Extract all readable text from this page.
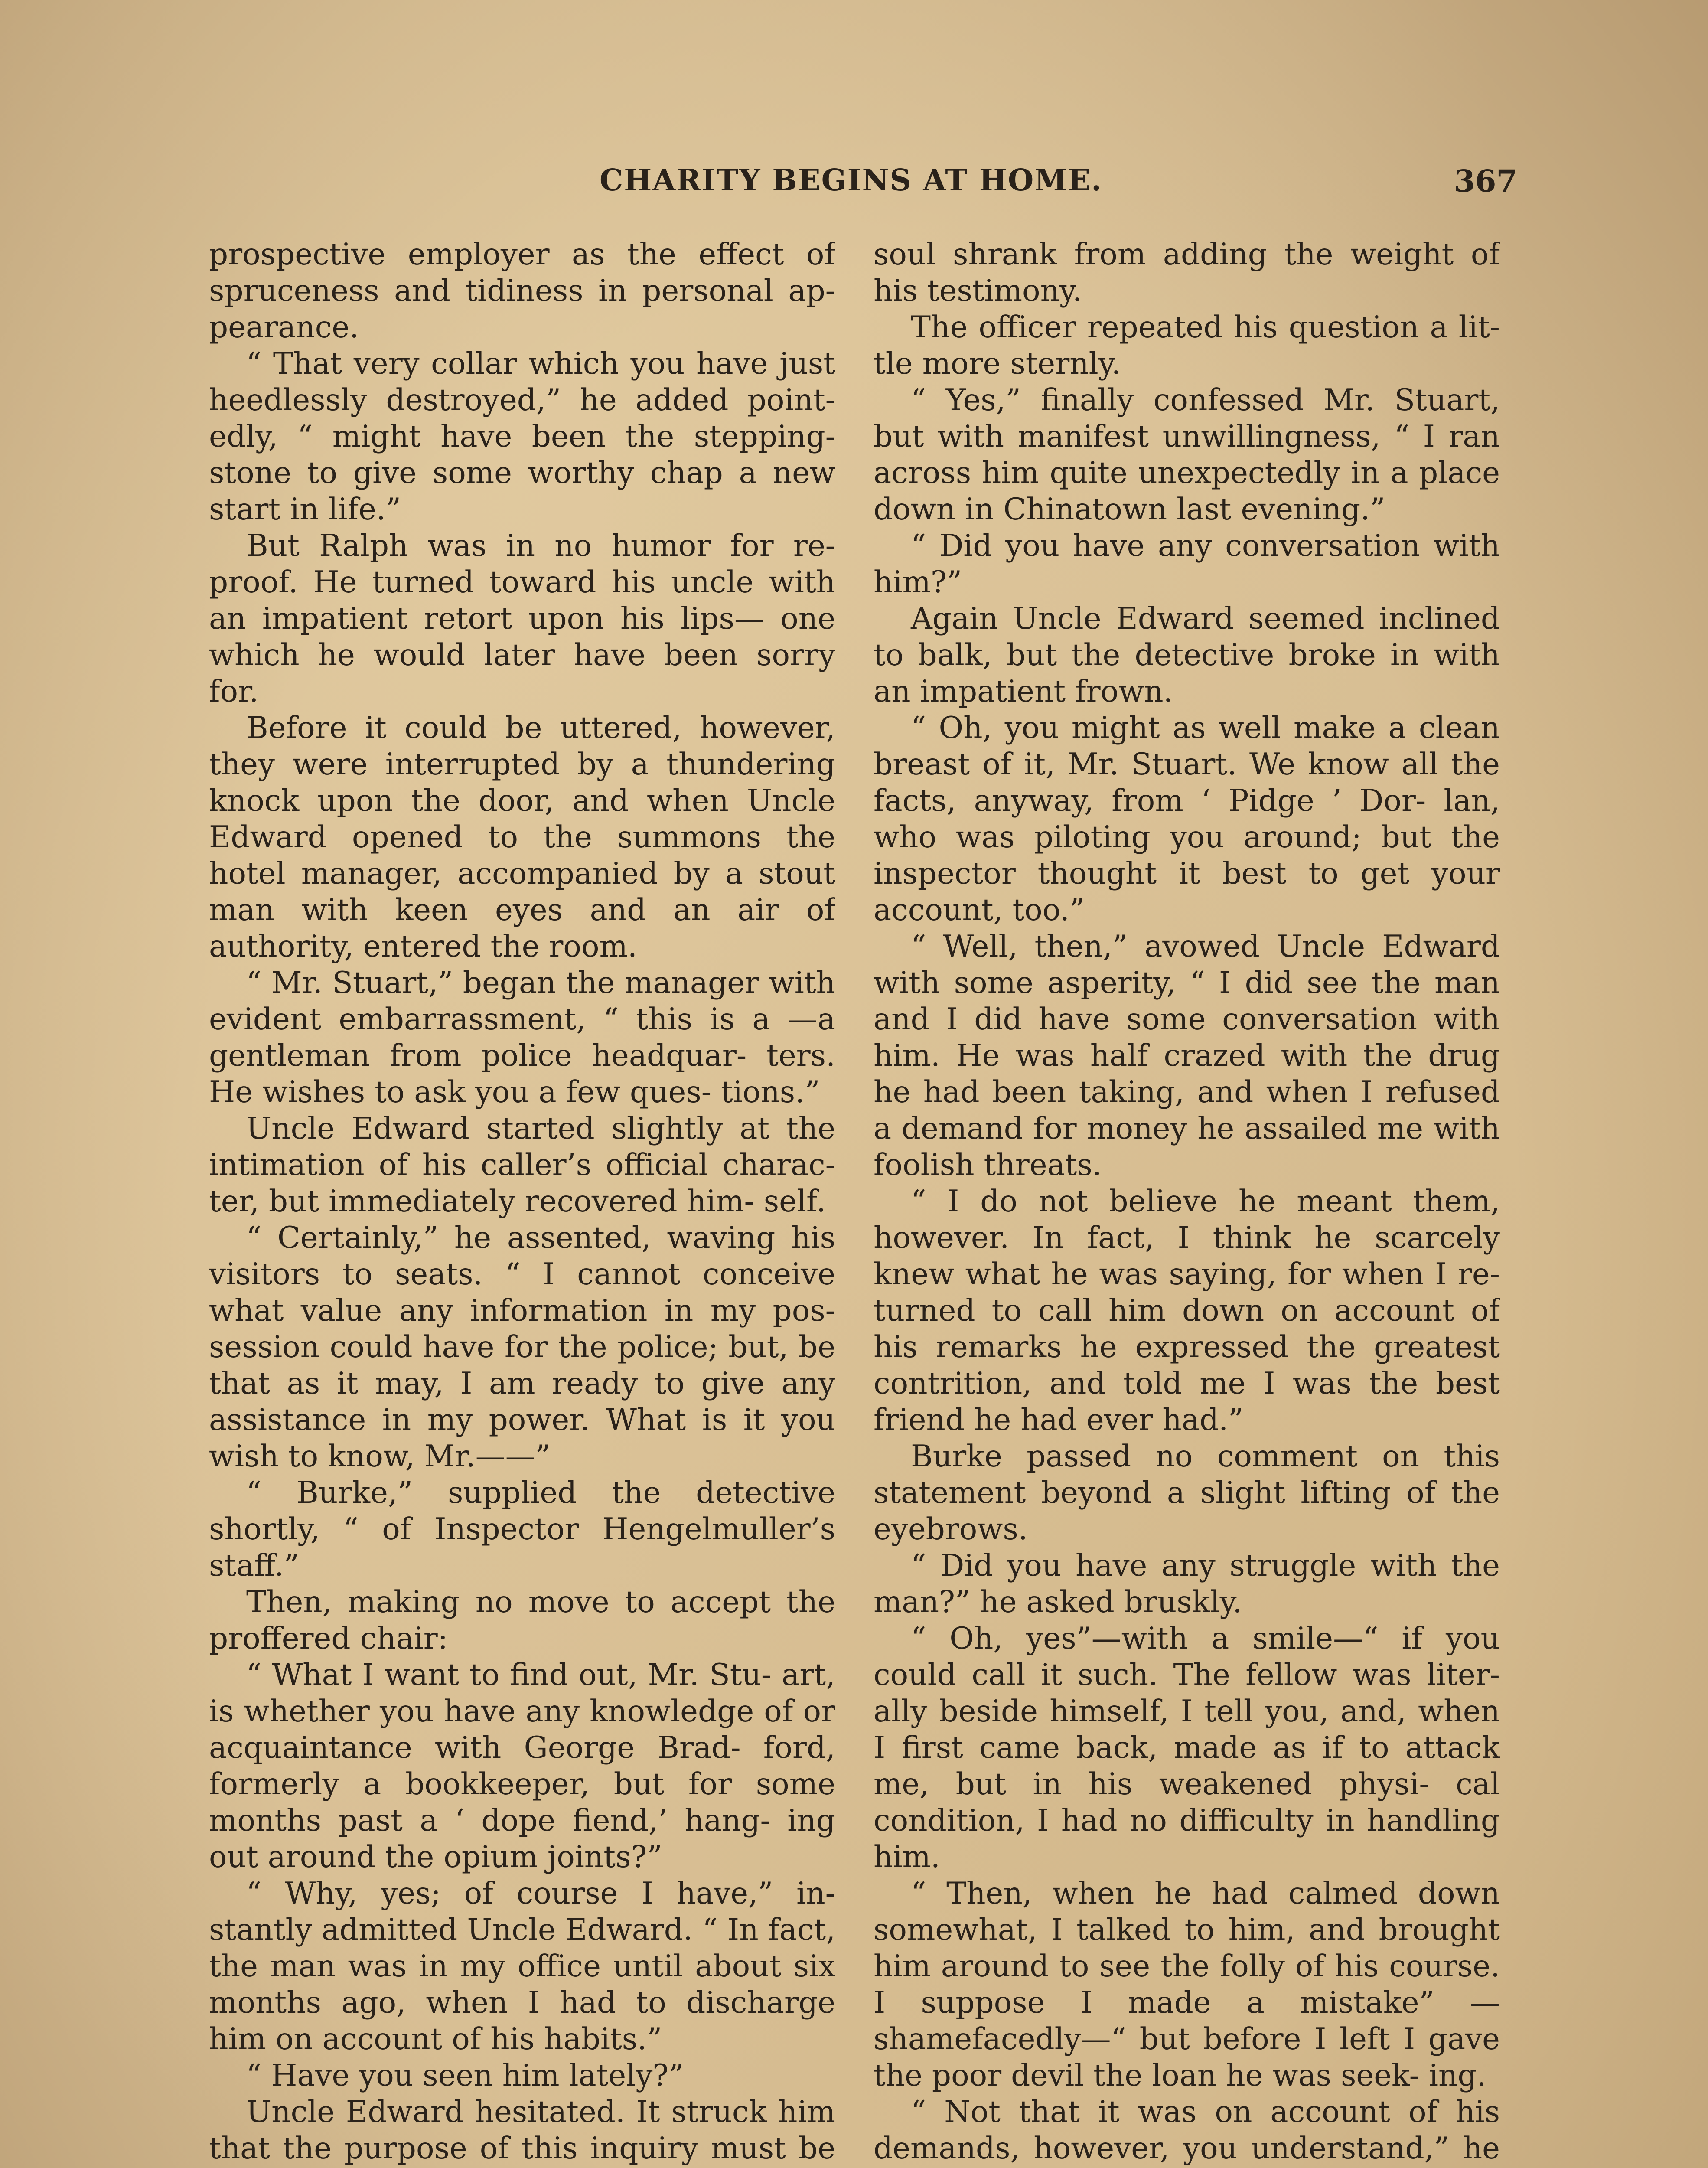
CHARITY BEGINS AT HOME.	367

prospective employer as the effect of spruceness and tidiness in personal ap- pearance.

“ That very collar which you have just heedlessly destroyed,” he added point- edly, “ might have been the stepping- stone to give some worthy chap a new start in life.”

But Ralph was in no humor for re- proof. He turned toward his uncle with an impatient retort upon his lips— one which he would later have been sorry for.

Before it could be uttered, however, they were interrupted by a thundering knock upon the door, and when Uncle Edward opened to the summons the hotel manager, accompanied by a stout man with keen eyes and an air of authority, entered the room.

“ Mr. Stuart,” began the manager with evident embarrassment, “ this is a —a gentleman from police headquar- ters. He wishes to ask you a few ques- tions.”

Uncle Edward started slightly at the intimation of his caller’s official charac- ter, but immediately recovered him- self.

“ Certainly,” he assented, waving his visitors to seats. “ I cannot conceive what value any information in my pos- session could have for the police; but, be that as it may, I am ready to give any assistance in my power. What is it you wish to know, Mr.——”

“ Burke,” supplied the detective shortly, “ of Inspector Hengelmuller’s staff.”

Then, making no move to accept the proffered chair:

“ What I want to find out, Mr. Stu- art, is whether you have any knowledge of or acquaintance with George Brad- ford, formerly a bookkeeper, but for some months past a ‘ dope fiend,’ hang- ing out around the opium joints?”

“ Why, yes; of course I have,” in- stantly admitted Uncle Edward. “ In fact, the man was in my office until about six months ago, when I had to discharge him on account of his habits.”

“ Have you seen him lately?”

Uncle Edward hesitated. It struck him that the purpose of this inquiry must be

soul shrank from adding the weight of his testimony.

The officer repeated his question a lit- tle more sternly.

“ Yes,” finally confessed Mr. Stuart, but with manifest unwillingness, “ I ran across him quite unexpectedly in a place down in Chinatown last evening.”

“ Did you have any conversation with him?”

Again Uncle Edward seemed inclined to balk, but the detective broke in with an impatient frown.

“ Oh, you might as well make a clean breast of it, Mr. Stuart. We know all the facts, anyway, from ‘ Pidge ’ Dor- lan, who was piloting you around; but the inspector thought it best to get your account, too.”

“ Well, then,” avowed Uncle Edward with some asperity, “ I did see the man and I did have some conversation with him. He was half crazed with the drug he had been taking, and when I refused a demand for money he assailed me with foolish threats.

“ I do not believe he meant them, however. In fact, I think he scarcely knew what he was saying, for when I re- turned to call him down on account of his remarks he expressed the greatest contrition, and told me I was the best friend he had ever had.”

Burke passed no comment on this statement beyond a slight lifting of the eyebrows.

“ Did you have any struggle with the man?” he asked bruskly.

“ Oh, yes”—with a smile—“ if you could call it such. The fellow was liter- ally beside himself, I tell you, and, when I first came back, made as if to attack me, but in his weakened physi- cal condition, I had no difficulty in handling him.

“ Then, when he had calmed down somewhat, I talked to him, and brought him around to see the folly of his course. I suppose I made a mistake” —shamefacedly—“ but before I left I gave the poor devil the loan he was seek- ing.

“ Not that it was on account of his demands, however, you understand,” he
